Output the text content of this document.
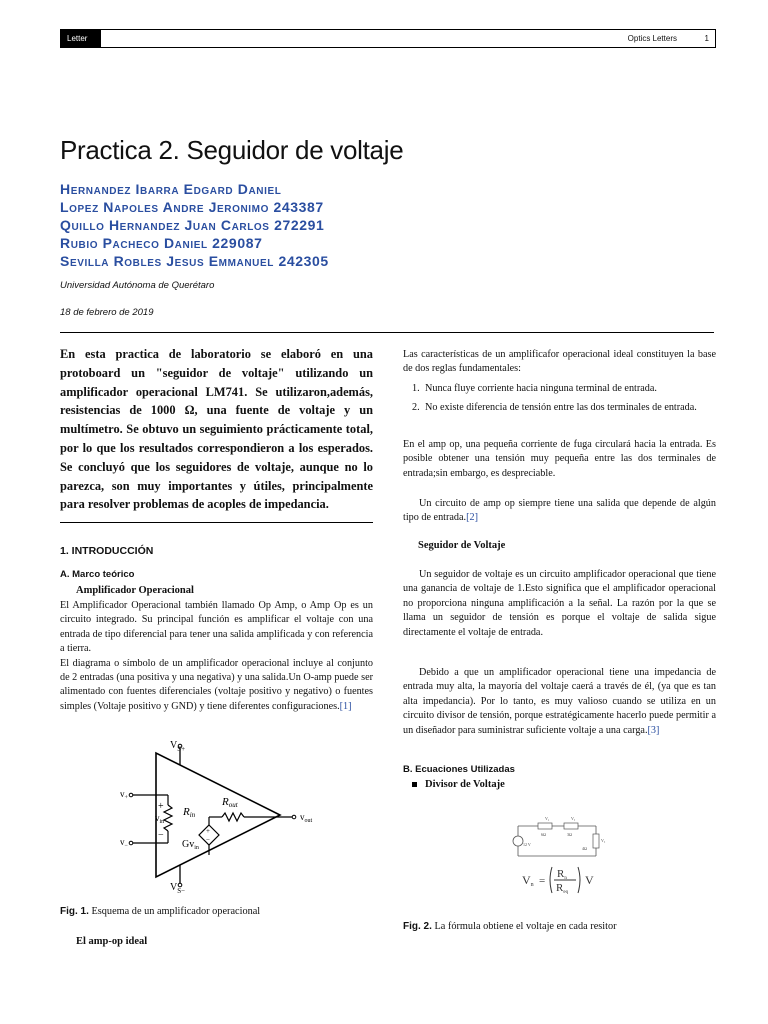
Letter	Optics Letters	1
Practica 2. Seguidor de voltaje
Hernandez Ibarra Edgard Daniel
Lopez Napoles Andre Jeronimo 243387
Quillo Hernandez Juan Carlos 272291
Rubio Pacheco Daniel 229087
Sevilla Robles Jesus Emmanuel 242305
Universidad Autónoma de Querétaro
18 de febrero de 2019
En esta practica de laboratorio se elaboró en una protoboard un "seguidor de voltaje" utilizando un amplificador operacional LM741. Se utilizaron,además, resistencias de 1000 Ω, una fuente de voltaje y un multímetro. Se obtuvo un seguimiento prácticamente total, por lo que los resultados correspondieron a los esperados. Se concluyó que los seguidores de voltaje, aunque no lo parezca, son muy importantes y útiles, principalmente para resolver problemas de acoples de impedancia.
1. INTRODUCCIÓN
A. Marco teórico
Amplificador Operacional

El Amplificador Operacional también llamado Op Amp, o Amp Op es un circuito integrado. Su principal función es amplificar el voltaje con una entrada de tipo diferencial para tener una salida amplificada y con referencia a tierra.

El diagrama o símbolo de un amplificador operacional incluye al conjunto de 2 entradas (una positiva y una negativa) y una salida.Un O-amp puede ser alimentado con fuentes diferenciales (voltaje positivo y negativo) o fuentes simples (Voltaje positivo y GND) y tiene diferentes configuraciones.[1]

$V_{S+}$
$V_{S-}$
$v_+$
$v_-$
+
−
$v_{in}$
Rin
+
−
$Gv_{in}$
Rout
$v_{out}$
Fig. 1. Esquema de un amplificador operacional
El amp-op ideal
Las características de un amplificafor operacional ideal constituyen la base de dos reglas fundamentales:
1. Nunca fluye corriente hacia ninguna terminal de entrada.
2. No existe diferencia de tensión entre las dos terminales de entrada.
En el amp op, una pequeña corriente de fuga circulará hacia la entrada. Es posible obtener una tensión muy pequeña entre las dos terminales de entrada;sin embargo, es despreciable.
Un circuito de amp op siempre tiene una salida que depende de algún tipo de entrada.[2]
Seguidor de Voltaje
Un seguidor de voltaje es un circuito amplificador operacional que tiene una ganancia de voltaje de 1.Esto significa que el amplificador operacional no proporciona ninguna amplificación a la señal. La razón por la que se llama un seguidor de tensión es porque el voltaje de salida sigue directamente el voltaje de entrada.
Debido a que un amplificador operacional tiene una impedancia de entrada muy alta, la mayoría del voltaje caerá a través de él, (ya que es tan alta impedancia). Por lo tanto, es muy valioso cuando se utiliza en un circuito divisor de tensión, porque estratégicamente hacerlo puede permitir a un diseñador para suministrar suficiente voltaje a una carga.[3]
B. Ecuaciones Utilizadas
Divisor de Voltaje
12 V
V₁	V₂
V₃
6Ω	3Ω
4Ω
Vn =
Rn
Req
V
Fig. 2. La fórmula obtiene el voltaje en cada resitor
